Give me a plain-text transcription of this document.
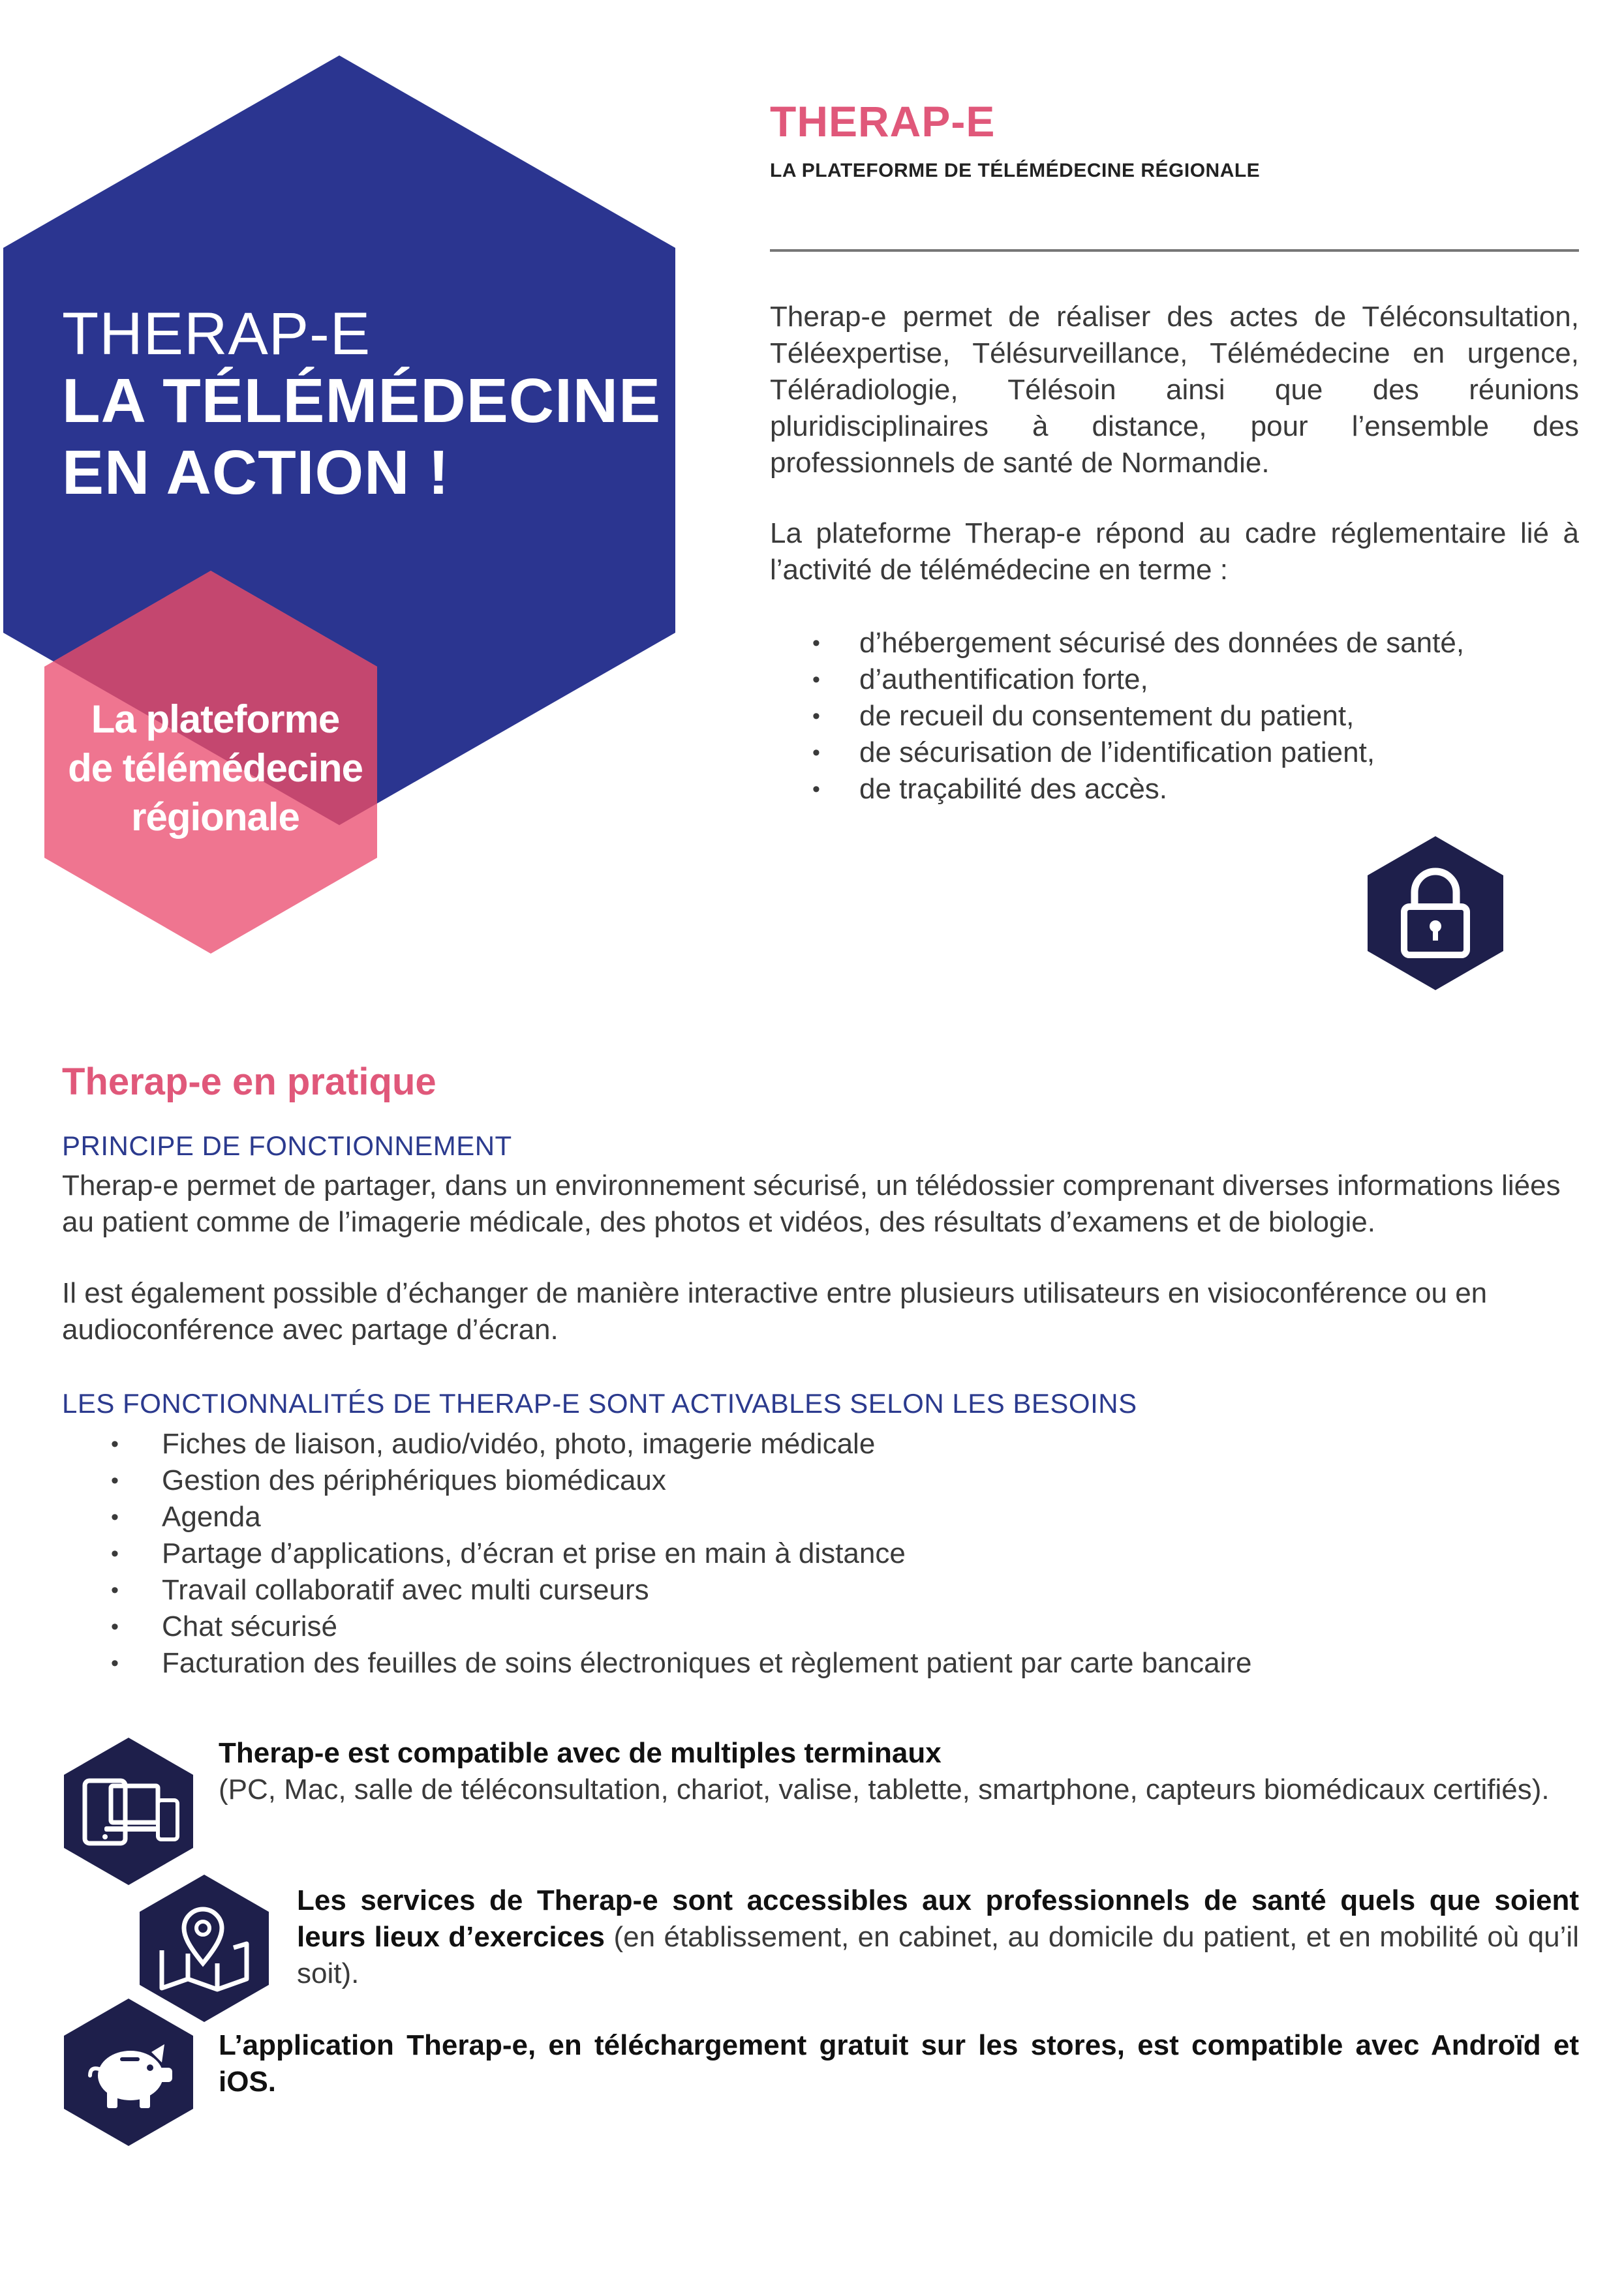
THERAP-E
LA TÉLÉMÉDECINE
EN ACTION !
La plateforme
de télémédecine
régionale
THERAP-E
LA PLATEFORME DE TÉLÉMÉDECINE RÉGIONALE
Therap-e permet de réaliser des actes de Téléconsultation, Téléexpertise, Télésurveillance, Télémédecine en urgence, Téléradiologie, Télésoin ainsi que des réunions pluridisciplinaires à distance, pour l’ensemble des professionnels de santé de Normandie.
La plateforme Therap-e répond au cadre réglementaire lié à l’activité de télémédecine en terme :
• d’hébergement sécurisé des données de santé,
• d’authentification forte,
• de recueil du consentement du patient,
• de sécurisation de l’identification patient,
• de traçabilité des accès.
Therap-e en pratique
PRINCIPE DE FONCTIONNEMENT
Therap-e permet de partager, dans un environnement sécurisé, un télédossier comprenant diverses informations liées au patient comme de l’imagerie médicale, des photos et vidéos, des résultats d’examens et de biologie.
Il est également possible d’échanger de manière interactive entre plusieurs utilisateurs en visioconférence ou en audioconférence avec partage d’écran.
LES FONCTIONNALITÉS DE THERAP-E SONT ACTIVABLES SELON LES BESOINS
• Fiches de liaison, audio/vidéo, photo, imagerie médicale
• Gestion des périphériques biomédicaux
• Agenda
• Partage d’applications, d’écran et prise en main à distance
• Travail collaboratif avec multi curseurs
• Chat sécurisé
• Facturation des feuilles de soins électroniques et règlement patient par carte bancaire
Therap-e est compatible avec de multiples terminaux
(PC, Mac, salle de téléconsultation, chariot, valise, tablette, smartphone, capteurs biomédicaux certifiés).
Les services de Therap-e sont accessibles aux professionnels de santé quels que soient leurs lieux d’exercices (en établissement, en cabinet, au domicile du patient, et en mobilité où qu’il soit).
L’application Therap-e, en téléchargement gratuit sur les stores, est compatible avec Androïd et iOS.
